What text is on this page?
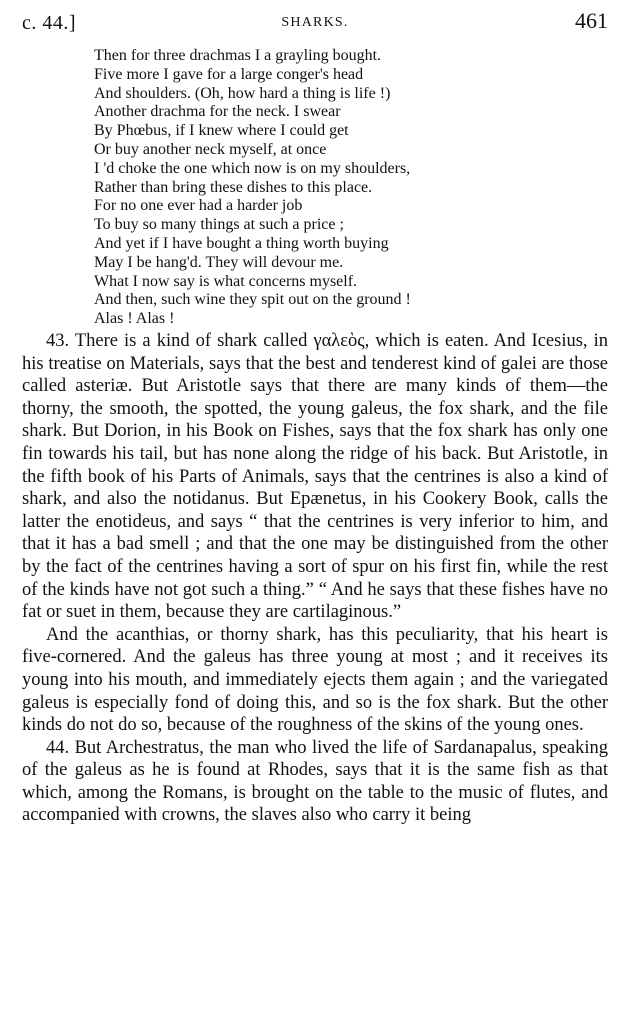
c. 44.]	SHARKS.	461
Then for three drachmas I a grayling bought.
Five more I gave for a large conger's head
And shoulders. (Oh, how hard a thing is life !)
Another drachma for the neck. I swear
By Phœbus, if I knew where I could get
Or buy another neck myself, at once
I 'd choke the one which now is on my shoulders,
Rather than bring these dishes to this place.
For no one ever had a harder job
To buy so many things at such a price ;
And yet if I have bought a thing worth buying
May I be hang'd. They will devour me.
What I now say is what concerns myself.
And then, such wine they spit out on the ground !
Alas ! Alas !

43. There is a kind of shark called γαλεὸς, which is eaten. And Icesius, in his treatise on Materials, says that the best and tenderest kind of galei are those called asteriæ. But Aristotle says that there are many kinds of them—the thorny, the smooth, the spotted, the young galeus, the fox shark, and the file shark. But Dorion, in his Book on Fishes, says that the fox shark has only one fin towards his tail, but has none along the ridge of his back. But Aristotle, in the fifth book of his Parts of Animals, says that the centrines is also a kind of shark, and also the notidanus. But Epænetus, in his Cookery Book, calls the latter the enotideus, and says “ that the centrines is very inferior to him, and that it has a bad smell ; and that the one may be distinguished from the other by the fact of the centrines having a sort of spur on his first fin, while the rest of the kinds have not got such a thing.” “ And he says that these fishes have no fat or suet in them, because they are cartilaginous.”

And the acanthias, or thorny shark, has this peculiarity, that his heart is five-cornered. And the galeus has three young at most ; and it receives its young into his mouth, and immediately ejects them again ; and the variegated galeus is especially fond of doing this, and so is the fox shark. But the other kinds do not do so, because of the roughness of the skins of the young ones.

44. But Archestratus, the man who lived the life of Sardanapalus, speaking of the galeus as he is found at Rhodes, says that it is the same fish as that which, among the Romans, is brought on the table to the music of flutes, and accompanied with crowns, the slaves also who carry it being
